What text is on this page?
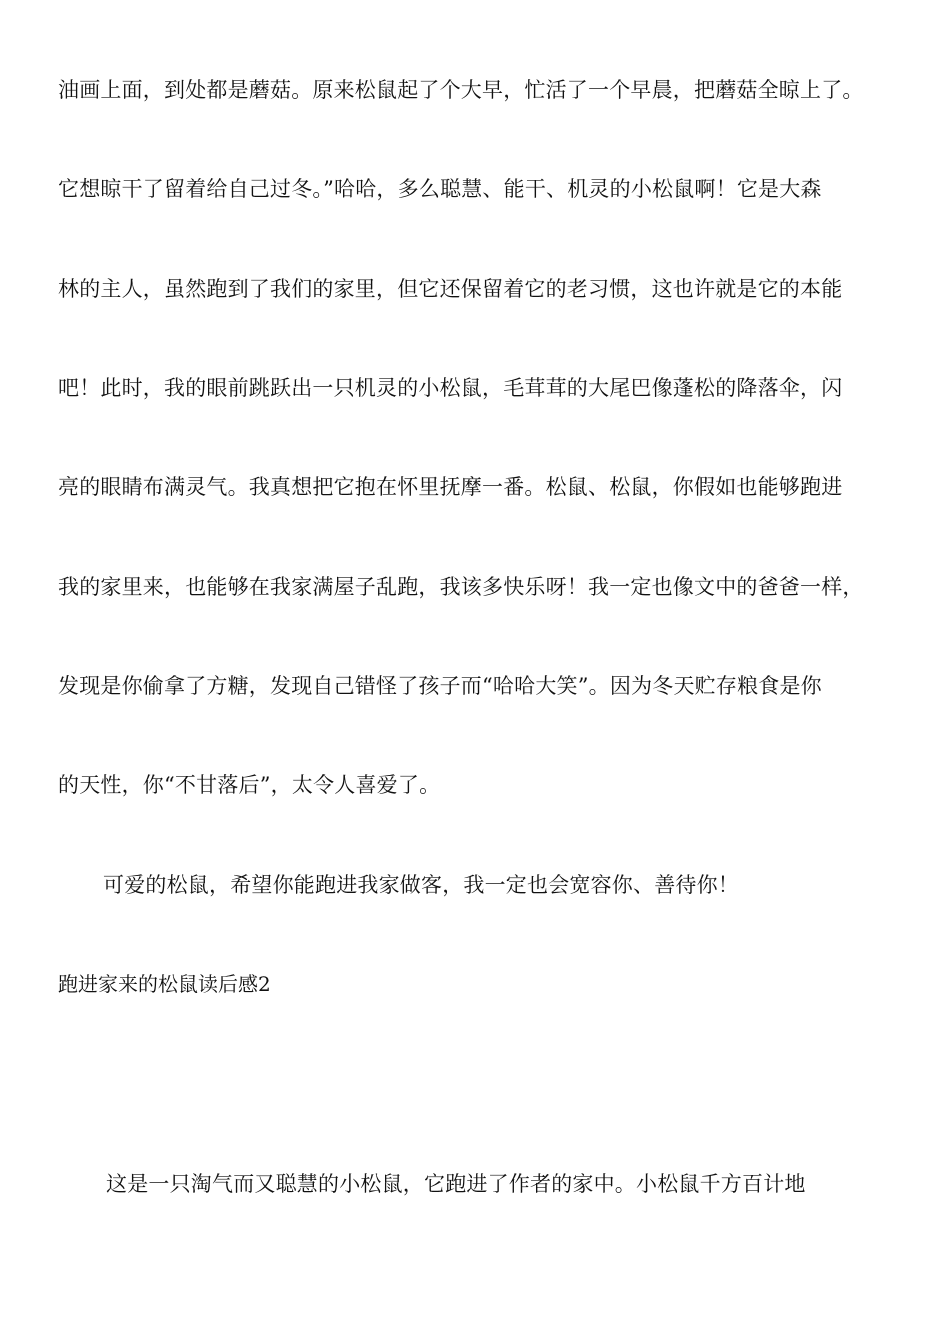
油画上面，到处都是蘑菇。原来松鼠起了个大早，忙活了一个早晨，把蘑菇全晾上了。
它想晾干了留着给自己过冬。”哈哈，多么聪慧、能干、机灵的小松鼠啊！它是大森
林的主人，虽然跑到了我们的家里，但它还保留着它的老习惯，这也许就是它的本能
吧！此时，我的眼前跳跃出一只机灵的小松鼠，毛茸茸的大尾巴像蓬松的降落伞，闪
亮的眼睛布满灵气。我真想把它抱在怀里抚摩一番。松鼠、松鼠，你假如也能够跑进
我的家里来，也能够在我家满屋子乱跑，我该多快乐呀！我一定也像文中的爸爸一样，
发现是你偷拿了方糖，发现自己错怪了孩子而“哈哈大笑”。因为冬天贮存粮食是你
的天性，你“不甘落后”，太令人喜爱了。
可爱的松鼠，希望你能跑进我家做客，我一定也会宽容你、善待你！
跑进家来的松鼠读后感2
这是一只淘气而又聪慧的小松鼠，它跑进了作者的家中。小松鼠千方百计地
